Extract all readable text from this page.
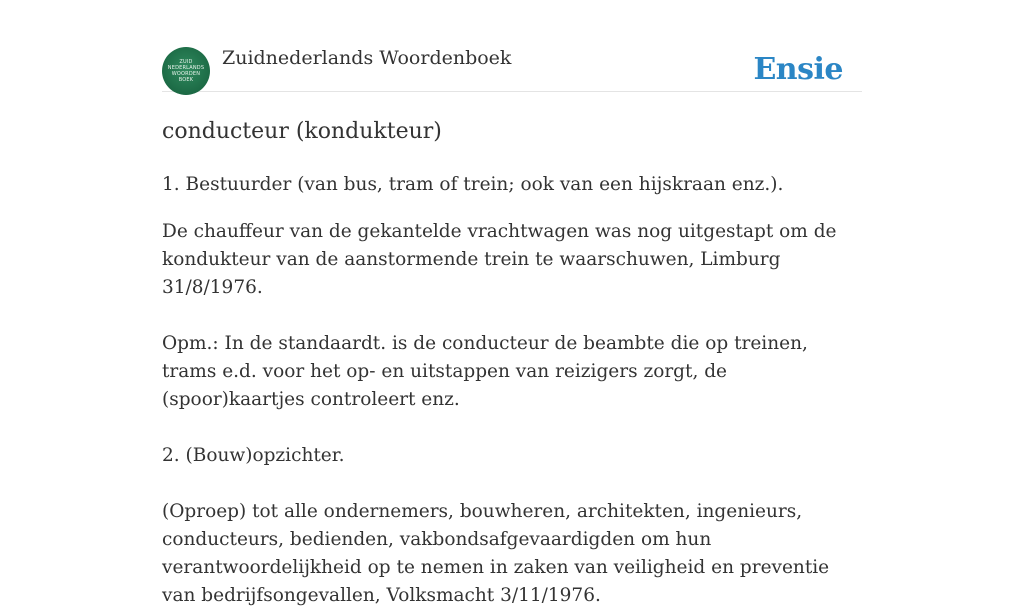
ZUID
NEDERLANDS
WOORDEN
BOEK
Zuidnederlands Woordenboek	Ensie
conducteur (kondukteur)

1. Bestuurder (van bus, tram of trein; ook van een hijskraan enz.).

De chauffeur van de gekantelde vrachtwagen was nog uitgestapt om de kondukteur van de aanstormende trein te waarschuwen, Limburg 31/8/1976.

Opm.: In de standaardt. is de conducteur de beambte die op treinen, trams e.d. voor het op- en uitstappen van reizigers zorgt, de (spoor)kaartjes controleert enz.

2. (Bouw)opzichter.

(Oproep) tot alle ondernemers, bouwheren, architekten, ingenieurs, conducteurs, bedienden, vakbondsafgevaardigden om hun verantwoordelijkheid op te nemen in zaken van veiligheid en preventie van bedrijfsongevallen, Volksmacht 3/11/1976.
